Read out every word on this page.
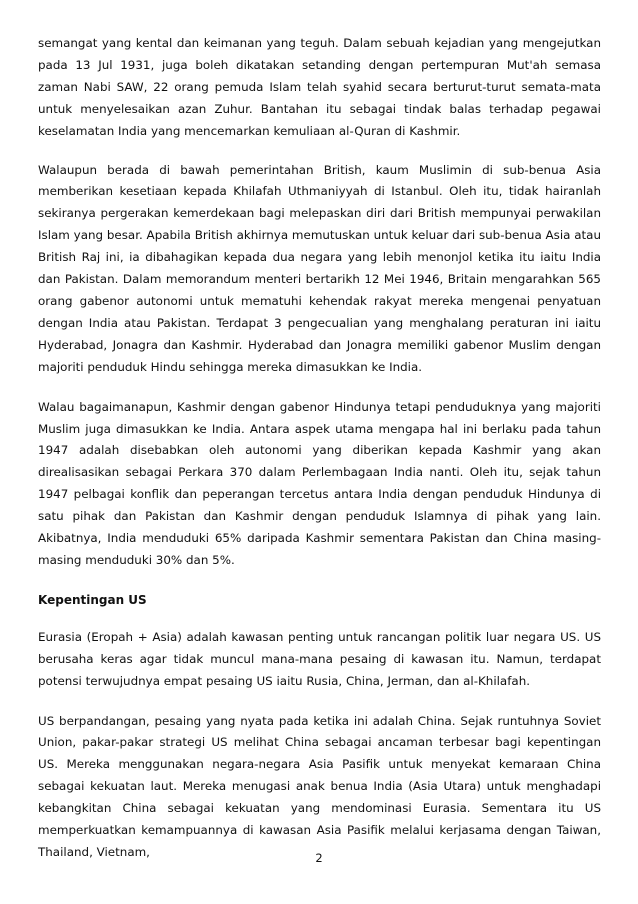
semangat yang kental dan keimanan yang teguh. Dalam sebuah kejadian yang mengejutkan pada 13 Jul 1931, juga boleh dikatakan setanding dengan pertempuran Mut'ah semasa zaman Nabi SAW, 22 orang pemuda Islam telah syahid secara berturut-turut semata-mata untuk menyelesaikan azan Zuhur. Bantahan itu sebagai tindak balas terhadap pegawai keselamatan India yang mencemarkan kemuliaan al-Quran di Kashmir.

Walaupun berada di bawah pemerintahan British, kaum Muslimin di sub-benua Asia memberikan kesetiaan kepada Khilafah Uthmaniyyah di Istanbul. Oleh itu, tidak hairanlah sekiranya pergerakan kemerdekaan bagi melepaskan diri dari British mempunyai perwakilan Islam yang besar. Apabila British akhirnya memutuskan untuk keluar dari sub-benua Asia atau British Raj ini, ia dibahagikan kepada dua negara yang lebih menonjol ketika itu iaitu India dan Pakistan. Dalam memorandum menteri bertarikh 12 Mei 1946, Britain mengarahkan 565 orang gabenor autonomi untuk mematuhi kehendak rakyat mereka mengenai penyatuan dengan India atau Pakistan. Terdapat 3 pengecualian yang menghalang peraturan ini iaitu Hyderabad, Jonagra dan Kashmir. Hyderabad dan Jonagra memiliki gabenor Muslim dengan majoriti penduduk Hindu sehingga mereka dimasukkan ke India.

Walau bagaimanapun, Kashmir dengan gabenor Hindunya tetapi penduduknya yang majoriti Muslim juga dimasukkan ke India. Antara aspek utama mengapa hal ini berlaku pada tahun 1947 adalah disebabkan oleh autonomi yang diberikan kepada Kashmir yang akan direalisasikan sebagai Perkara 370 dalam Perlembagaan India nanti. Oleh itu, sejak tahun 1947 pelbagai konflik dan peperangan tercetus antara India dengan penduduk Hindunya di satu pihak dan Pakistan dan Kashmir dengan penduduk Islamnya di pihak yang lain. Akibatnya, India menduduki 65% daripada Kashmir sementara Pakistan dan China masing-masing menduduki 30% dan 5%.

Kepentingan US

Eurasia (Eropah + Asia) adalah kawasan penting untuk rancangan politik luar negara US. US berusaha keras agar tidak muncul mana-mana pesaing di kawasan itu. Namun, terdapat potensi terwujudnya empat pesaing US iaitu Rusia, China, Jerman, dan al-Khilafah.

US berpandangan, pesaing yang nyata pada ketika ini adalah China. Sejak runtuhnya Soviet Union, pakar-pakar strategi US melihat China sebagai ancaman terbesar bagi kepentingan US. Mereka menggunakan negara-negara Asia Pasifik untuk menyekat kemaraan China sebagai kekuatan laut. Mereka menugasi anak benua India (Asia Utara) untuk menghadapi kebangkitan China sebagai kekuatan yang mendominasi Eurasia. Sementara itu US memperkuatkan kemampuannya di kawasan Asia Pasifik melalui kerjasama dengan Taiwan, Thailand, Vietnam,	2
